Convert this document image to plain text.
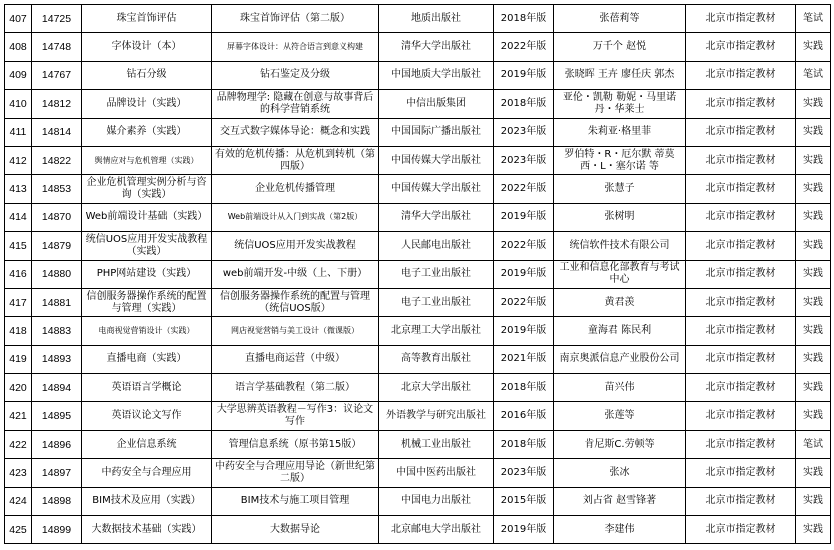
407	14725	珠宝首饰评估	珠宝首饰评估（第二版）	地质出版社	2018年版	张蓓莉等	北京市指定教材	笔试
408	14748	字体设计（本）	屏幕字体设计：从符合语言到意义构建	清华大学出版社	2022年版	万千个 赵悦	北京市指定教材	实践
409	14767	钻石分级	钻石鉴定及分级	中国地质大学出版社	2019年版	张晓晖 王卉 廖任庆 郭杰	北京市指定教材	笔试
410	14812	品牌设计（实践）	品牌物理学: 隐藏在创意与故事背后的科学营销系统	中信出版集团	2018年版	亚伦・凯勒 勒妮・马里诺丹・华莱士	北京市指定教材	实践
411	14814	媒介素养（实践）	交互式数字媒体导论：概念和实践	中国国际广播出版社	2023年版	朱莉亚·格里菲	北京市指定教材	实践
412	14822	舆情应对与危机管理（实践）	有效的危机传播：从危机到转机（第四版）	中国传媒大学出版社	2023年版	罗伯特・R・厄尔默 蒂莫西・L・塞尔诺 等	北京市指定教材	实践
413	14853	企业危机管理实例分析与咨询（实践）	企业危机传播管理	中国传媒大学出版社	2022年版	张慧子	北京市指定教材	实践
414	14870	Web前端设计基础（实践）	Web前端设计从入门到实战（第2版）	清华大学出版社	2019年版	张树明	北京市指定教材	实践
415	14879	统信UOS应用开发实战教程（实践）	统信UOS应用开发实战教程	人民邮电出版社	2022年版	统信软件技术有限公司	北京市指定教材	实践
416	14880	PHP网站建设（实践）	web前端开发-中级（上、下册）	电子工业出版社	2019年版	工业和信息化部教育与考试中心	北京市指定教材	实践
417	14881	信创服务器操作系统的配置与管理（实践）	信创服务器操作系统的配置与管理（统信UOS版）	电子工业出版社	2022年版	黄君羡	北京市指定教材	实践
418	14883	电商视觉营销设计（实践）	网店视觉营销与美工设计（微课版）	北京理工大学出版社	2019年版	童海君 陈民利	北京市指定教材	实践
419	14893	直播电商（实践）	直播电商运营（中级）	高等教育出版社	2021年版	南京奥派信息产业股份公司	北京市指定教材	实践
420	14894	英语语言学概论	语言学基础教程（第二版）	北京大学出版社	2018年版	苗兴伟	北京市指定教材	实践
421	14895	英语议论文写作	大学思辨英语教程－写作3：议论文写作	外语教学与研究出版社	2016年版	张莲等	北京市指定教材	实践
422	14896	企业信息系统	管理信息系统（原书第15版）	机械工业出版社	2018年版	肯尼斯C.劳顿等	北京市指定教材	笔试
423	14897	中药安全与合理应用	中药安全与合理应用导论（新世纪第二版）	中国中医药出版社	2023年版	张冰	北京市指定教材	实践
424	14898	BIM技术及应用（实践）	BIM技术与施工项目管理	中国电力出版社	2015年版	刘占省 赵雪锋著	北京市指定教材	实践
425	14899	大数据技术基础（实践）	大数据导论	北京邮电大学出版社	2019年版	李建伟	北京市指定教材	实践
